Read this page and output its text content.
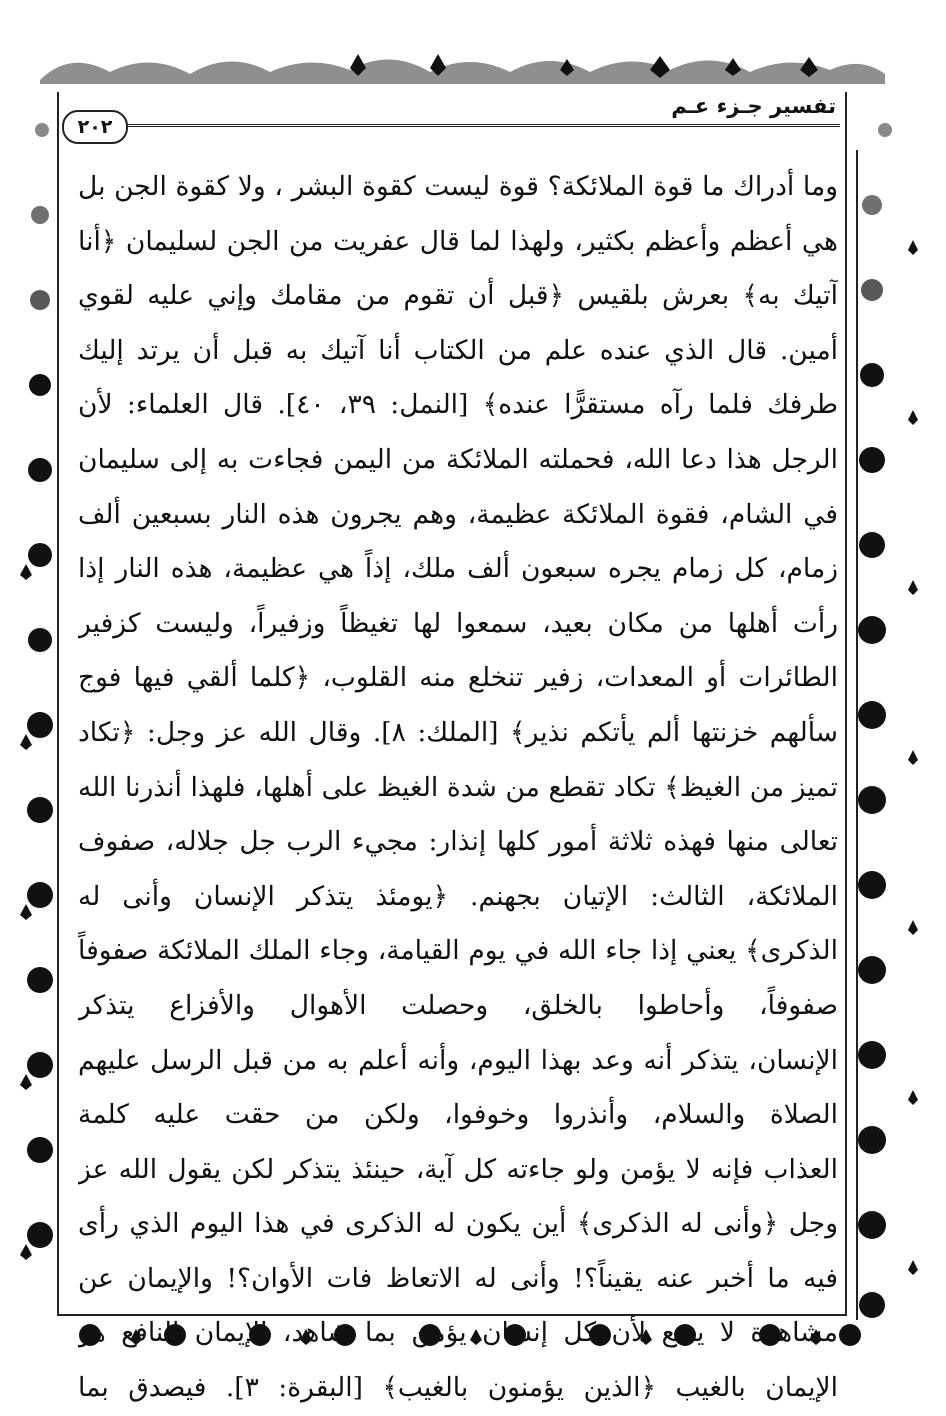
٢٠٢
تفسير جـزء عـم
وما أدراك ما قوة الملائكة؟ قوة ليست كقوة البشر ، ولا كقوة الجن بل
هي أعظم وأعظم بكثير، ولهذا لما قال عفريت من الجن لسليمان ﴿أنا
آتيك به﴾ بعرش بلقيس ﴿قبل أن تقوم من مقامك وإني عليه لقوي
أمين. قال الذي عنده علم من الكتاب أنا آتيك به قبل أن يرتد إليك
طرفك فلما رآه مستقرًّا عنده﴾ [النمل: ٣٩، ٤٠]. قال العلماء: لأن
الرجل هذا دعا الله، فحملته الملائكة من اليمن فجاءت به إلى سليمان
في الشام، فقوة الملائكة عظيمة، وهم يجرون هذه النار بسبعين ألف
زمام، كل زمام يجره سبعون ألف ملك، إذاً هي عظيمة، هذه النار إذا
رأت أهلها من مكان بعيد، سمعوا لها تغيظاً وزفيراً، وليست كزفير
الطائرات أو المعدات، زفير تنخلع منه القلوب، ﴿كلما ألقي فيها فوج
سألهم خزنتها ألم يأتكم نذير﴾ [الملك: ٨]. وقال الله عز وجل: ﴿تكاد
تميز من الغيظ﴾ تكاد تقطع من شدة الغيظ على أهلها، فلهذا أنذرنا الله
تعالى منها فهذه ثلاثة أمور كلها إنذار: مجيء الرب جل جلاله، صفوف
الملائكة، الثالث: الإتيان بجهنم. ﴿يومئذ يتذكر الإنسان وأنى له
الذكرى﴾ يعني إذا جاء الله في يوم القيامة، وجاء الملك الملائكة صفوفاً
صفوفاً، وأحاطوا بالخلق، وحصلت الأهوال والأفزاع يتذكر
الإنسان، يتذكر أنه وعد بهذا اليوم، وأنه أعلم به من قبل الرسل عليهم
الصلاة والسلام، وأنذروا وخوفوا، ولكن من حقت عليه كلمة
العذاب فإنه لا يؤمن ولو جاءته كل آية، حينئذ يتذكر لكن يقول الله عز
وجل ﴿وأنى له الذكرى﴾ أين يكون له الذكرى في هذا اليوم الذي رأى
فيه ما أخبر عنه يقيناً؟! وأنى له الاتعاظ فات الأوان؟! والإيمان عن
مشاهدة لا ينفع لأن كل إنسان يؤمن بما شاهد، الإيمان النافع هو
الإيمان بالغيب ﴿الذين يؤمنون بالغيب﴾ [البقرة: ٣]. فيصدق بما
